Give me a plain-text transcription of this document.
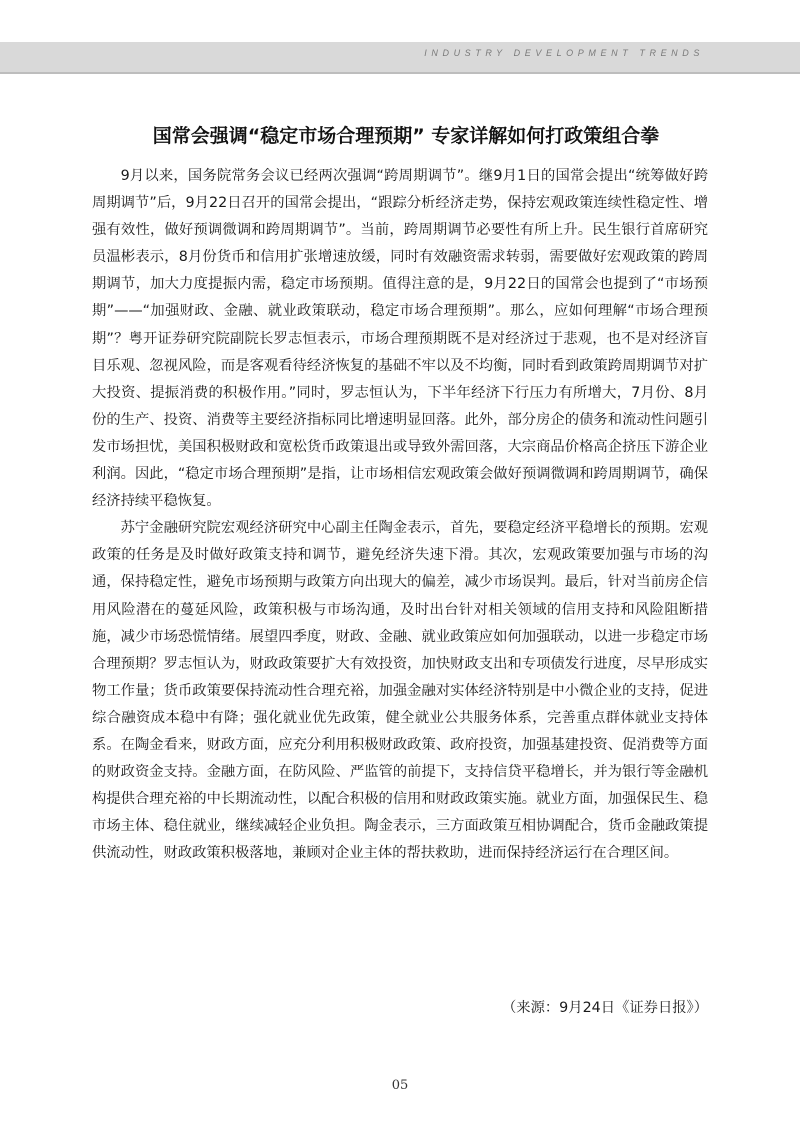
INDUSTRY DEVELOPMENT TRENDS
国常会强调“稳定市场合理预期” 专家详解如何打政策组合拳

9月以来，国务院常务会议已经两次强调“跨周期调节”。继9月1日的国常会提出“统筹做好跨周期调节”后，9月22日召开的国常会提出，“跟踪分析经济走势，保持宏观政策连续性稳定性、增强有效性，做好预调微调和跨周期调节”。当前，跨周期调节必要性有所上升。民生银行首席研究员温彬表示，8月份货币和信用扩张增速放缓，同时有效融资需求转弱，需要做好宏观政策的跨周期调节，加大力度提振内需，稳定市场预期。值得注意的是，9月22日的国常会也提到了“市场预期”——“加强财政、金融、就业政策联动，稳定市场合理预期”。那么，应如何理解“市场合理预期”？粤开证券研究院副院长罗志恒表示，市场合理预期既不是对经济过于悲观，也不是对经济盲目乐观、忽视风险，而是客观看待经济恢复的基础不牢以及不均衡，同时看到政策跨周期调节对扩大投资、提振消费的积极作用。”同时，罗志恒认为，下半年经济下行压力有所增大，7月份、8月份的生产、投资、消费等主要经济指标同比增速明显回落。此外，部分房企的债务和流动性问题引发市场担忧，美国积极财政和宽松货币政策退出或导致外需回落，大宗商品价格高企挤压下游企业利润。因此，“稳定市场合理预期”是指，让市场相信宏观政策会做好预调微调和跨周期调节，确保经济持续平稳恢复。

苏宁金融研究院宏观经济研究中心副主任陶金表示，首先，要稳定经济平稳增长的预期。宏观政策的任务是及时做好政策支持和调节，避免经济失速下滑。其次，宏观政策要加强与市场的沟通，保持稳定性，避免市场预期与政策方向出现大的偏差，减少市场误判。最后，针对当前房企信用风险潜在的蔓延风险，政策积极与市场沟通，及时出台针对相关领域的信用支持和风险阻断措施，减少市场恐慌情绪。展望四季度，财政、金融、就业政策应如何加强联动，以进一步稳定市场合理预期？罗志恒认为，财政政策要扩大有效投资，加快财政支出和专项债发行进度，尽早形成实物工作量；货币政策要保持流动性合理充裕，加强金融对实体经济特别是中小微企业的支持，促进综合融资成本稳中有降；强化就业优先政策，健全就业公共服务体系，完善重点群体就业支持体系。在陶金看来，财政方面，应充分利用积极财政政策、政府投资，加强基建投资、促消费等方面的财政资金支持。金融方面，在防风险、严监管的前提下，支持信贷平稳增长，并为银行等金融机构提供合理充裕的中长期流动性，以配合积极的信用和财政政策实施。就业方面，加强保民生、稳市场主体、稳住就业，继续减轻企业负担。陶金表示，三方面政策互相协调配合，货币金融政策提供流动性，财政政策积极落地，兼顾对企业主体的帮扶救助，进而保持经济运行在合理区间。

（来源：9月24日《证券日报》）
05
